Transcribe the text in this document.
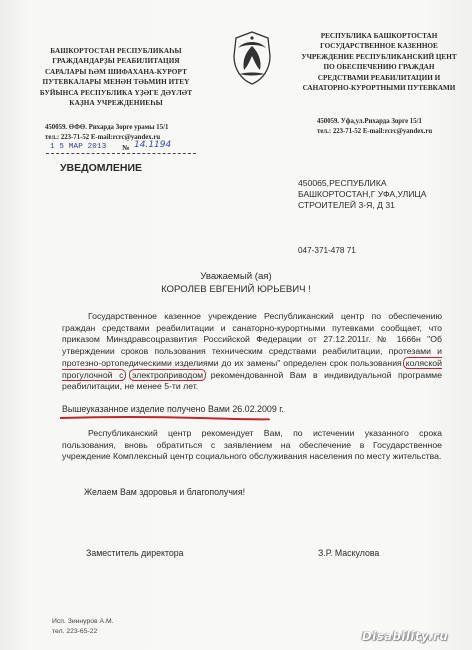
БАШКОРТОСТАН РЕСПУБЛИКАҺЫ
ГРАЖДАНДАРҘЫ РЕАБИЛИТАЦИЯ
САРАЛАРЫ ҺӘМ ШИФАХАНА-КУРОРТ
ПУТЕВКАЛАРЫ МЕНӘН ТӘЬМИН ИТЕҮ
БУЙЫНСА РЕСПУБЛИКА ҮҘӘГЕ ДӘҮЛӘТ
КАҘНА УЧРЕЖДЕНИЕҺЫ
РЕСПУБЛИКА БАШКОРТОСТАН
ГОСУДАРСТВЕННОЕ КАЗЕННОЕ
УЧРЕЖДЕНИЕ РЕСПУБЛИКАНСКИЙ ЦЕНТ
ПО ОБЕСПЕЧЕНИЮ ГРАЖДАН
СРЕДСТВАМИ РЕАБИЛИТАЦИИ И
САНАТОРНО-КУРОРТНЫМИ ПУТЕВКАМИ
450059. ӨФӨ. Рихарда Зорге урамы 15/1
тел.: 223-71-52 E-mail:rcrc@yandex.ru
450059. Уфа,ул.Рихарда Зорге 15/1
тел.: 223-71-52 E-mail:rcrc@yandex.ru
1 5 МАР 2013 № 14.1194
УВЕДОМЛЕНИЕ
450065,РЕСПУБЛИКА
БАШКОРТОСТАН,Г УФА,УЛИЦА
СТРОИТЕЛЕЙ 3-Я, Д 31
047-371-478 71
Уважаемый (ая)
КОРОЛЕВ ЕВГЕНИЙ ЮРЬЕВИЧ !
Государственное казенное учреждение Республиканский центр по обеспечению граждан средствами реабилитации и санаторно-курортными путевками сообщает, что приказом Минздравсоцразвития Российской Федерации от 27.12.2011г. № 1666н "Об утверждении сроков пользования техническим средствами реабилитации, протезами и протезно-ортопедическими изделиями до их замены" определен срок пользования коляской прогулочной с электроприводом рекомендованной Вам в индивидуальной программе реабилитации, не менее 5-ти лет.
Вышеуказанное изделие получено Вами 26.02.2009 г.
Республиканский центр рекомендует Вам, по истечении указанного срока пользования, вновь обратиться с заявлением на обеспечение в Государственное учреждение Комплексный центр социального обслуживания населения по месту жительства.
Желаем Вам здоровья и благополучия!
Заместитель директора	З.Р. Маскулова
Исп. Зиннуров А.М.
тел. 223-65-22	Disability.ru
